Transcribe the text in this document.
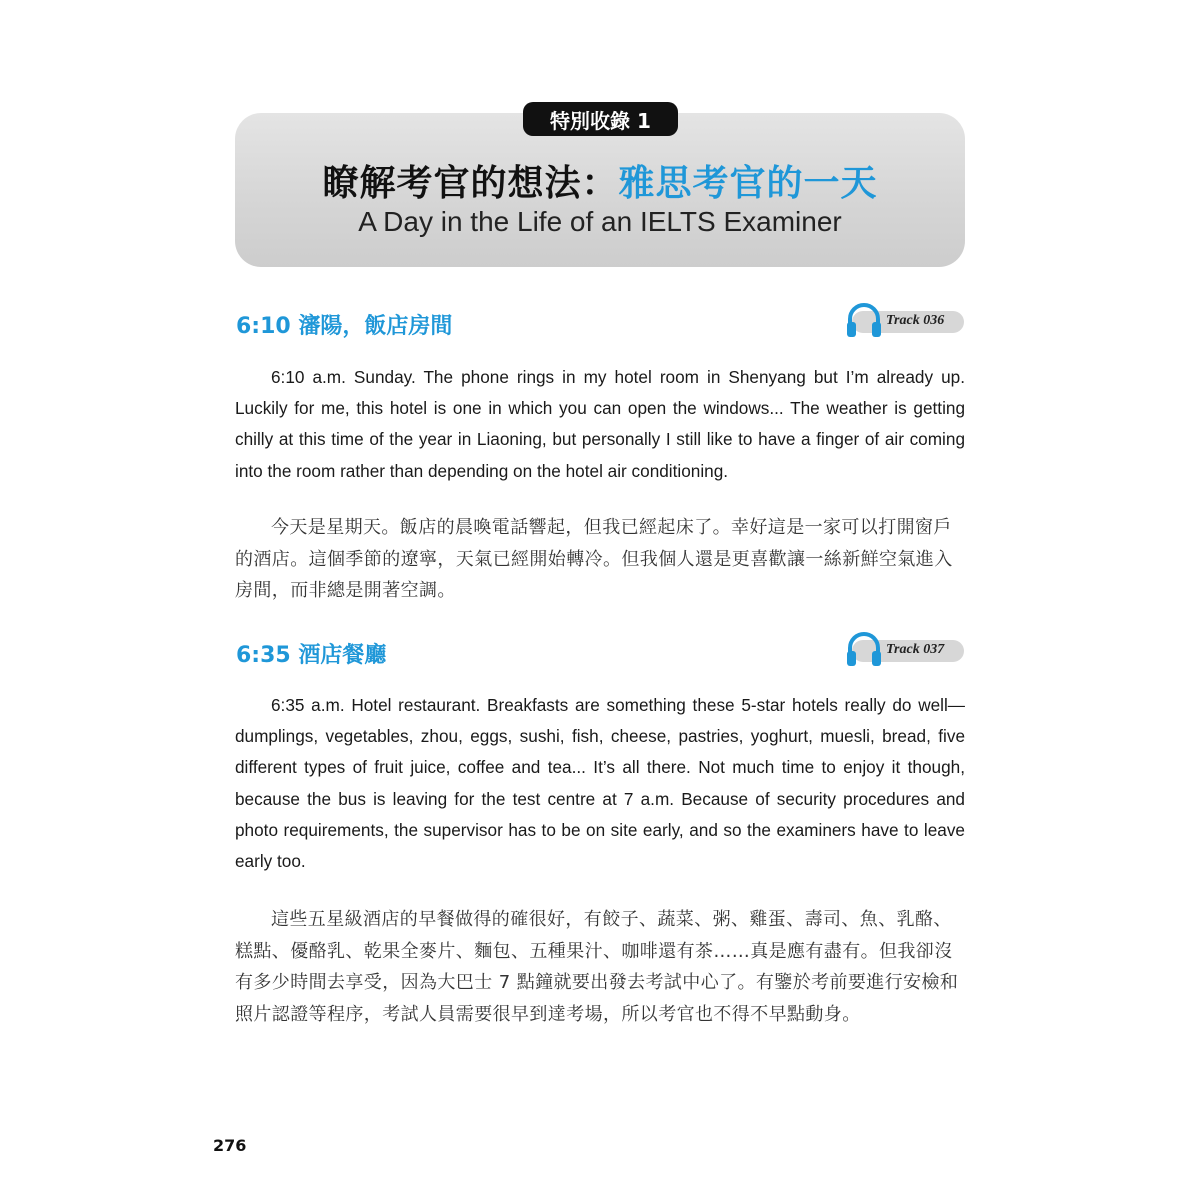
特別收錄 1
瞭解考官的想法：雅思考官的一天
A Day in the Life of an IELTS Examiner
6:10 瀋陽，飯店房間	Track 036

6:10 a.m. Sunday. The phone rings in my hotel room in Shenyang but I’m already up. Luckily for me, this hotel is one in which you can open the windows... The weather is getting chilly at this time of the year in Liaoning, but personally I still like to have a finger of air coming into the room rather than depending on the hotel air conditioning.

今天是星期天。飯店的晨喚電話響起，但我已經起床了。幸好這是一家可以打開窗戶的酒店。這個季節的遼寧，天氣已經開始轉冷。但我個人還是更喜歡讓一絲新鮮空氣進入房間，而非總是開著空調。

6:35 酒店餐廳	Track 037

6:35 a.m. Hotel restaurant. Breakfasts are something these 5-star hotels really do well—dumplings, vegetables, zhou, eggs, sushi, fish, cheese, pastries, yoghurt, muesli, bread, five different types of fruit juice, coffee and tea... It’s all there. Not much time to enjoy it though, because the bus is leaving for the test centre at 7 a.m. Because of security procedures and photo requirements, the supervisor has to be on site early, and so the examiners have to leave early too.

這些五星級酒店的早餐做得的確很好，有餃子、蔬菜、粥、雞蛋、壽司、魚、乳酪、糕點、優酪乳、乾果全麥片、麵包、五種果汁、咖啡還有茶……真是應有盡有。但我卻沒有多少時間去享受，因為大巴士 7 點鐘就要出發去考試中心了。有鑒於考前要進行安檢和照片認證等程序，考試人員需要很早到達考場，所以考官也不得不早點動身。

276
